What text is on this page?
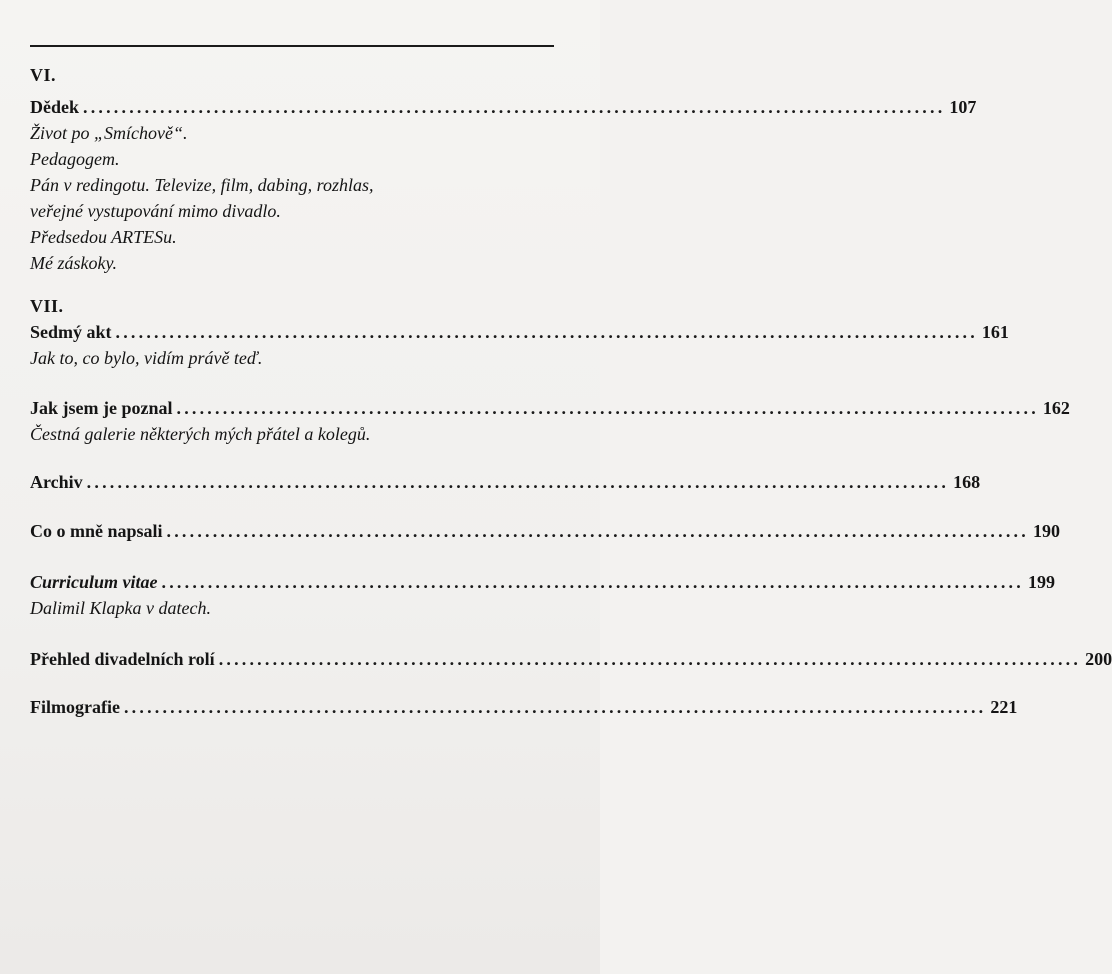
VI.
Dědek ................................................................................................................ 107
Život po „Smíchově“.
Pedagogem.
Pán v redingotu. Televize, film, dabing, rozhlas,
veřejné vystupování mimo divadlo.
Předsedou ARTESu.
Mé záskoky.
VII.
Sedmý akt ................................................................................................................ 161
Jak to, co bylo, vidím právě teď.
Jak jsem je poznal ................................................................................................................ 162
Čestná galerie některých mých přátel a kolegů.
Archiv ................................................................................................................ 168
Co o mně napsali ................................................................................................................ 190
Curriculum vitae ................................................................................................................ 199
Dalimil Klapka v datech.
Přehled divadelních rolí ................................................................................................................ 200
Filmografie ................................................................................................................ 221
